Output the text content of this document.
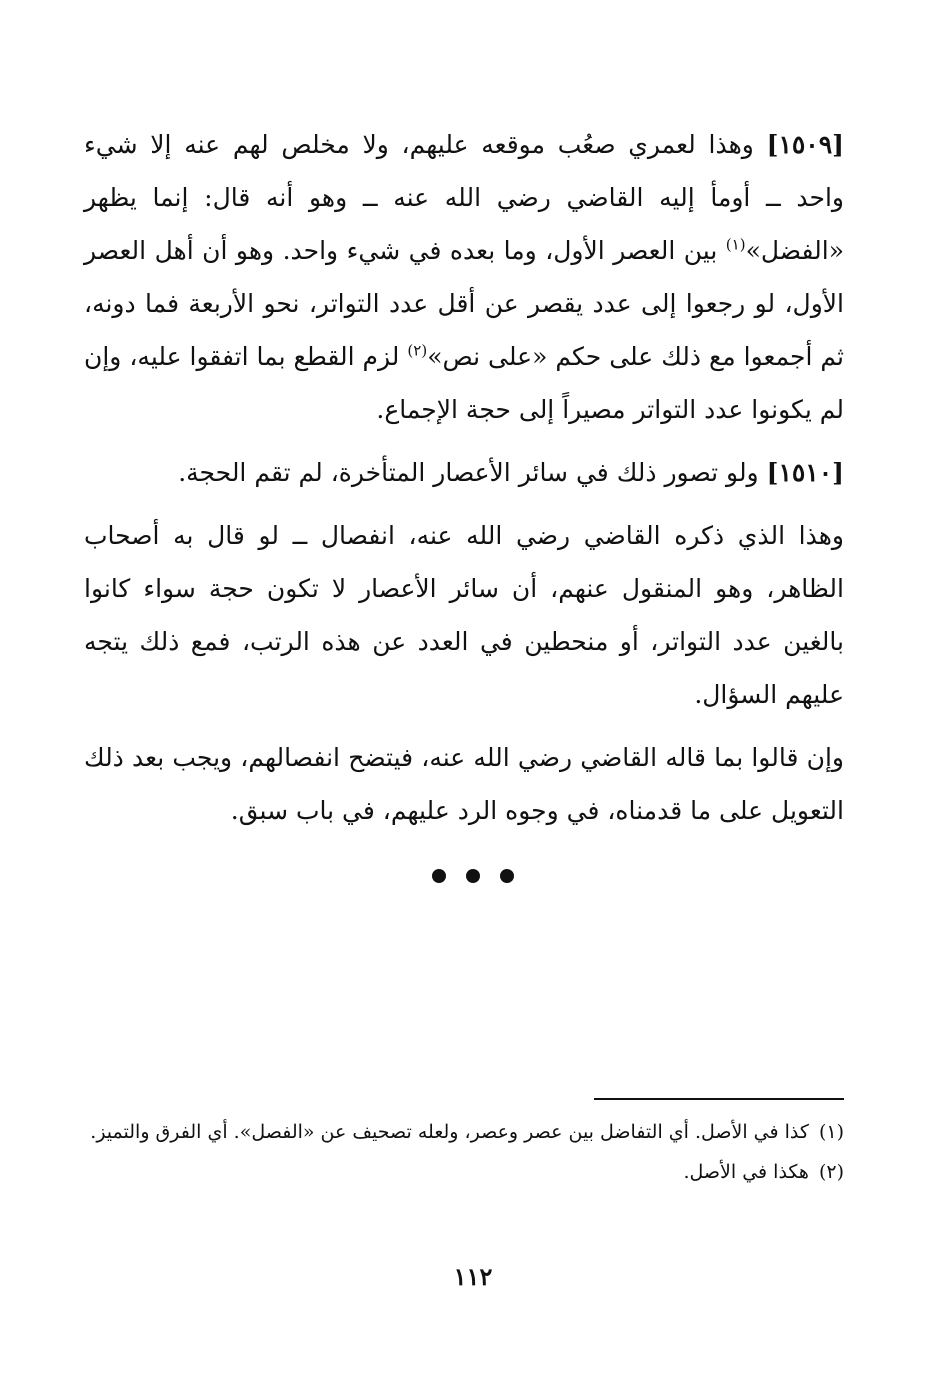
[١٥٠٩] وهذا لعمري صعُب موقعه عليهم، ولا مخلص لهم عنه إلا شيء واحد ــ أومأ إليه القاضي رضي الله عنه ــ وهو أنه قال: إنما يظهر «الفضل»$^{(١)}$ بين العصر الأول، وما بعده في شيء واحد. وهو أن أهل العصر الأول، لو رجعوا إلى عدد يقصر عن أقل عدد التواتر، نحو الأربعة فما دونه، ثم أجمعوا مع ذلك على حكم «على نص»$^{(٢)}$ لزم القطع بما اتفقوا عليه، وإن لم يكونوا عدد التواتر مصيراً إلى حجة الإجماع.

[١٥١٠] ولو تصور ذلك في سائر الأعصار المتأخرة، لم تقم الحجة.

وهذا الذي ذكره القاضي رضي الله عنه، انفصال ــ لو قال به أصحاب الظاهر، وهو المنقول عنهم، أن سائر الأعصار لا تكون حجة سواء كانوا بالغين عدد التواتر، أو منحطين في العدد عن هذه الرتب، فمع ذلك يتجه عليهم السؤال.

وإن قالوا بما قاله القاضي رضي الله عنه، فيتضح انفصالهم، ويجب بعد ذلك التعويل على ما قدمناه، في وجوه الرد عليهم، في باب سبق.

(١)كذا في الأصل. أي التفاضل بين عصر وعصر، ولعله تصحيف عن «الفصل». أي الفرق والتميز.

(٢)هكذا في الأصل.

١١٢
